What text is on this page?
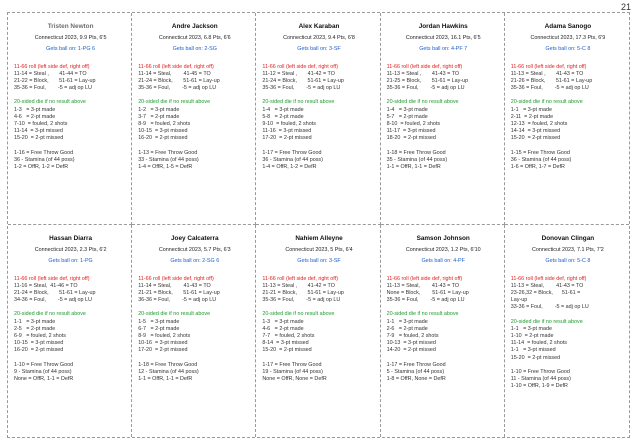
21
Tristen Newton
Connecticut 2023, 9.9 Pts, 6'5
Gets ball on: 1-PG 6
11-66 roll (left side def, right off)
11-14 = Steal ,       41-44 = TO
21-22 = Block,       51-61 = Lay-up
35-36 = Foul,        -5 = adj op LU
20-sided die if no result above
1-3   = 3-pt made
4-6   = 2-pt made
7-10  = fouled, 2 shots
11-14  = 3-pt missed
15-20  = 2-pt missed
1-16 = Free Throw Good
36 - Stamina (of 44 poss)
1-2 = OffR, 1-2 = DefR
Andre Jackson
Connecticut 2023, 6.8 Pts, 6'6
Gets ball on: 2-SG
11-66 roll (left side def, right off)
11-14 = Steal,        41-45 = TO
21-24 = Block,       51-61 = Lay-up
35-36 = Foul,        -5 = adj op LU
20-sided die if no result above
1-2   = 3-pt made
3-7   = 2-pt made
8-9   = fouled, 2 shots
10-15  = 3-pt missed
16-20  = 2-pt missed
1-13 = Free Throw Good
33 - Stamina (of 44 poss)
1-4 = OffR, 1-5 = DefR
Alex Karaban
Connecticut 2023, 9.4 Pts, 6'8
Gets ball on: 3-SF
11-66 roll (left side def, right off)
11-12 = Steal ,       41-42 = TO
21-24 = Block,       51-61 = Lay-up
35-36 = Foul,        -5 = adj op LU
20-sided die if no result above
1-4   = 3-pt made
5-8   = 2-pt made
9-10  = fouled, 2 shots
11-16  = 3-pt missed
17-20  = 2-pt missed
1-17 = Free Throw Good
36 - Stamina (of 44 poss)
1-4 = OffR, 1-2 = DefR
Jordan Hawkins
Connecticut 2023, 16.1 Pts, 6'5
Gets ball on: 4-PF 7
11-66 roll (left side def, right off)
11-13 = Steal ,       41-43 = TO
21-25 = Block,       51-61 = Lay-up
35-36 = Foul,        -5 = adj op LU
20-sided die if no result above
1-4   = 3-pt made
5-7   = 2-pt made
8-10  = fouled, 2 shots
11-17  = 3-pt missed
18-20  = 2-pt missed
1-18 = Free Throw Good
35 - Stamina (of 44 poss)
1-1 = OffR, 1-1 = DefR
Adama Sanogo
Connecticut 2023, 17.3 Pts, 6'9
Gets ball on: 5-C 8
11-66 roll (left side def, right off)
11-13 = Steal ,       41-43 = TO
21-26 = Block,       51-61 = Lay-up
35-36 = Foul,        -5 = adj op LU
20-sided die if no result above
1-1   = 3-pt made
2-11  = 2-pt made
12-13  = fouled, 2 shots
14-14  = 3-pt missed
15-20  = 2-pt missed
1-15 = Free Throw Good
36 - Stamina (of 44 poss)
1-6 = OffR, 1-7 = DefR
Hassan Diarra
Connecticut 2023, 2.3 Pts, 6'2
Gets ball on: 1-PG
11-66 roll (left side def, right off)
11-16 = Steal,  41-46 = TO
21-24 = Block,       51-61 = Lay-up
34-36 = Foul,        -5 = adj op LU
20-sided die if no result above
1-1   = 3-pt made
2-5   = 2-pt made
6-9   = fouled, 2 shots
10-15  = 3-pt missed
16-20  = 2-pt missed
1-10 = Free Throw Good
9 - Stamina (of 44 poss)
None = OffR, 1-1 = DefR
Joey Calcaterra
Connecticut 2023, 5.7 Pts, 6'3
Gets ball on: 2-SG 6
11-66 roll (left side def, right off)
11-14 = Steal,        41-43 = TO
21-21 = Block,       51-61 = Lay-up
36-36 = Foul,        -5 = adj op LU
20-sided die if no result above
1-5   = 3-pt made
6-7   = 2-pt made
8-9   = fouled, 2 shots
10-16  = 3-pt missed
17-20  = 2-pt missed
1-18 = Free Throw Good
12 - Stamina (of 44 poss)
1-1 = OffR, 1-1 = DefR
Nahiem Alleyne
Connecticut 2023, 5 Pts, 6'4
Gets ball on: 3-SF
11-66 roll (left side def, right off)
11-13 = Steal ,       41-42 = TO
21-21 = Block,       51-61 = Lay-up
35-36 = Foul,        -5 = adj op LU
20-sided die if no result above
1-3   = 3-pt made
4-6   = 2-pt made
7-7   = fouled, 2 shots
8-14  = 3-pt missed
15-20  = 2-pt missed
1-17 = Free Throw Good
19 - Stamina (of 44 poss)
None = OffR, None = DefR
Samson Johnson
Connecticut 2023, 1.2 Pts, 6'10
Gets ball on: 4-PF
11-66 roll (left side def, right off)
11-13 = Steal,        41-43 = TO
None = Block,        51-61 = Lay-up
35-36 = Foul,        -5 = adj op LU
20-sided die if no result above
1-1   = 3-pt made
2-6   = 2-pt made
7-9   = fouled, 2 shots
10-13  = 3-pt missed
14-20  = 2-pt missed
1-17 = Free Throw Good
5 - Stamina (of 44 poss)
1-8 = OffR, None = DefR
Donovan Clingan
Connecticut 2023, 7.1 Pts, 7'2
Gets ball on: 5-C 8
11-66 roll (left side def, right off)
11-13 = Steal,        41-43 = TO
23-26,32 = Block,      51-61 =
Lay-up
33-36 = Foul,        -5 = adj op LU
20-sided die if no result above
1-1   = 3-pt made
1-10  = 2-pt made
11-14  = fouled, 2 shots
1-1   = 3-pt missed
15-20  = 2-pt missed
1-10 = Free Throw Good
11 - Stamina (of 44 poss)
1-10 = OffR, 1-9 = DefR
